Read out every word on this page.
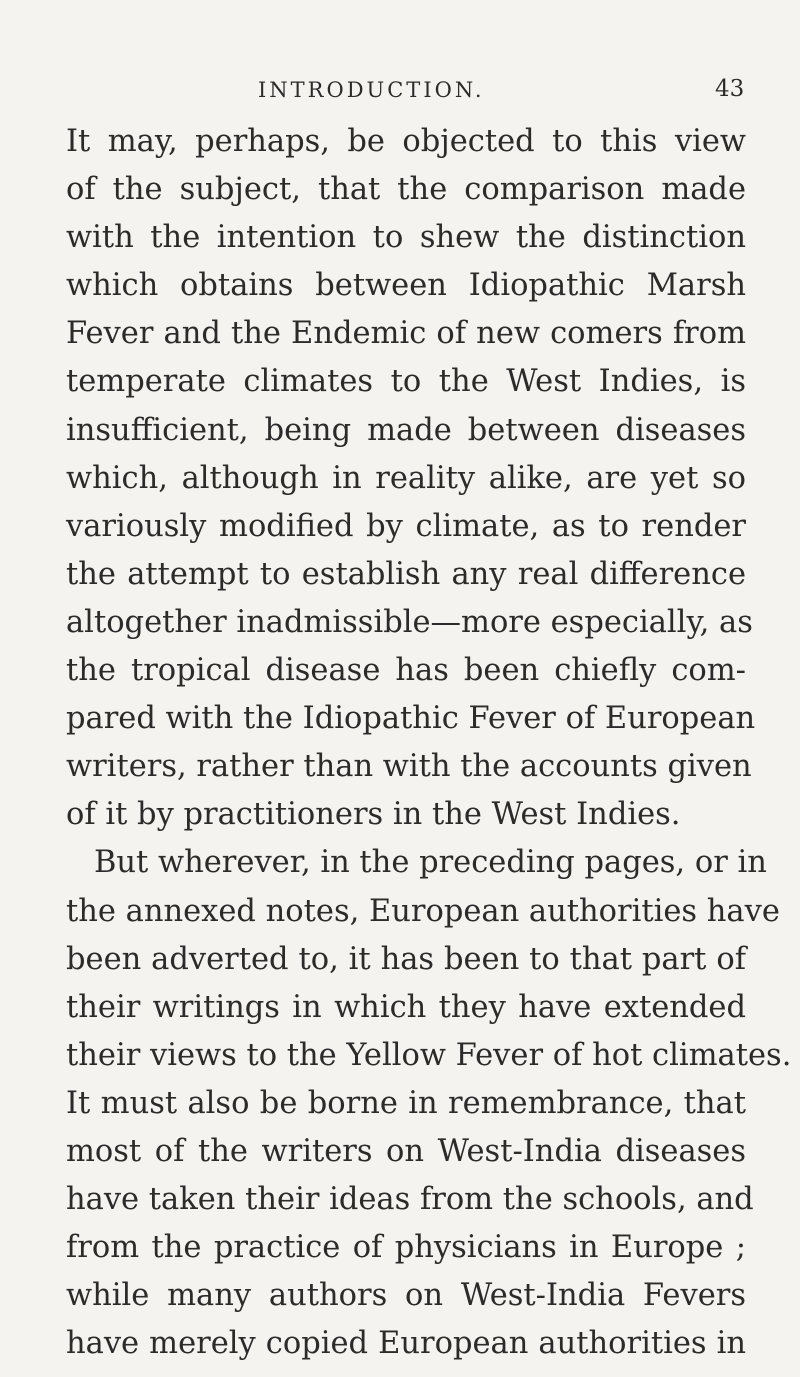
INTRODUCTION.	43
It may, perhaps, be objected to this view
of the subject, that the comparison made
with the intention to shew the distinction
which obtains between Idiopathic Marsh
Fever and the Endemic of new comers from
temperate climates to the West Indies, is
insufficient, being made between diseases
which, although in reality alike, are yet so
variously modified by climate, as to render
the attempt to establish any real difference
altogether inadmissible—more especially, as
the tropical disease has been chiefly com-
pared with the Idiopathic Fever of European
writers, rather than with the accounts given
of it by practitioners in the West Indies.
But wherever, in the preceding pages, or in
the annexed notes, European authorities have
been adverted to, it has been to that part of
their writings in which they have extended
their views to the Yellow Fever of hot climates.
It must also be borne in remembrance, that
most of the writers on West-India diseases
have taken their ideas from the schools, and
from the practice of physicians in Europe ;
while many authors on West-India Fevers
have merely copied European authorities in
